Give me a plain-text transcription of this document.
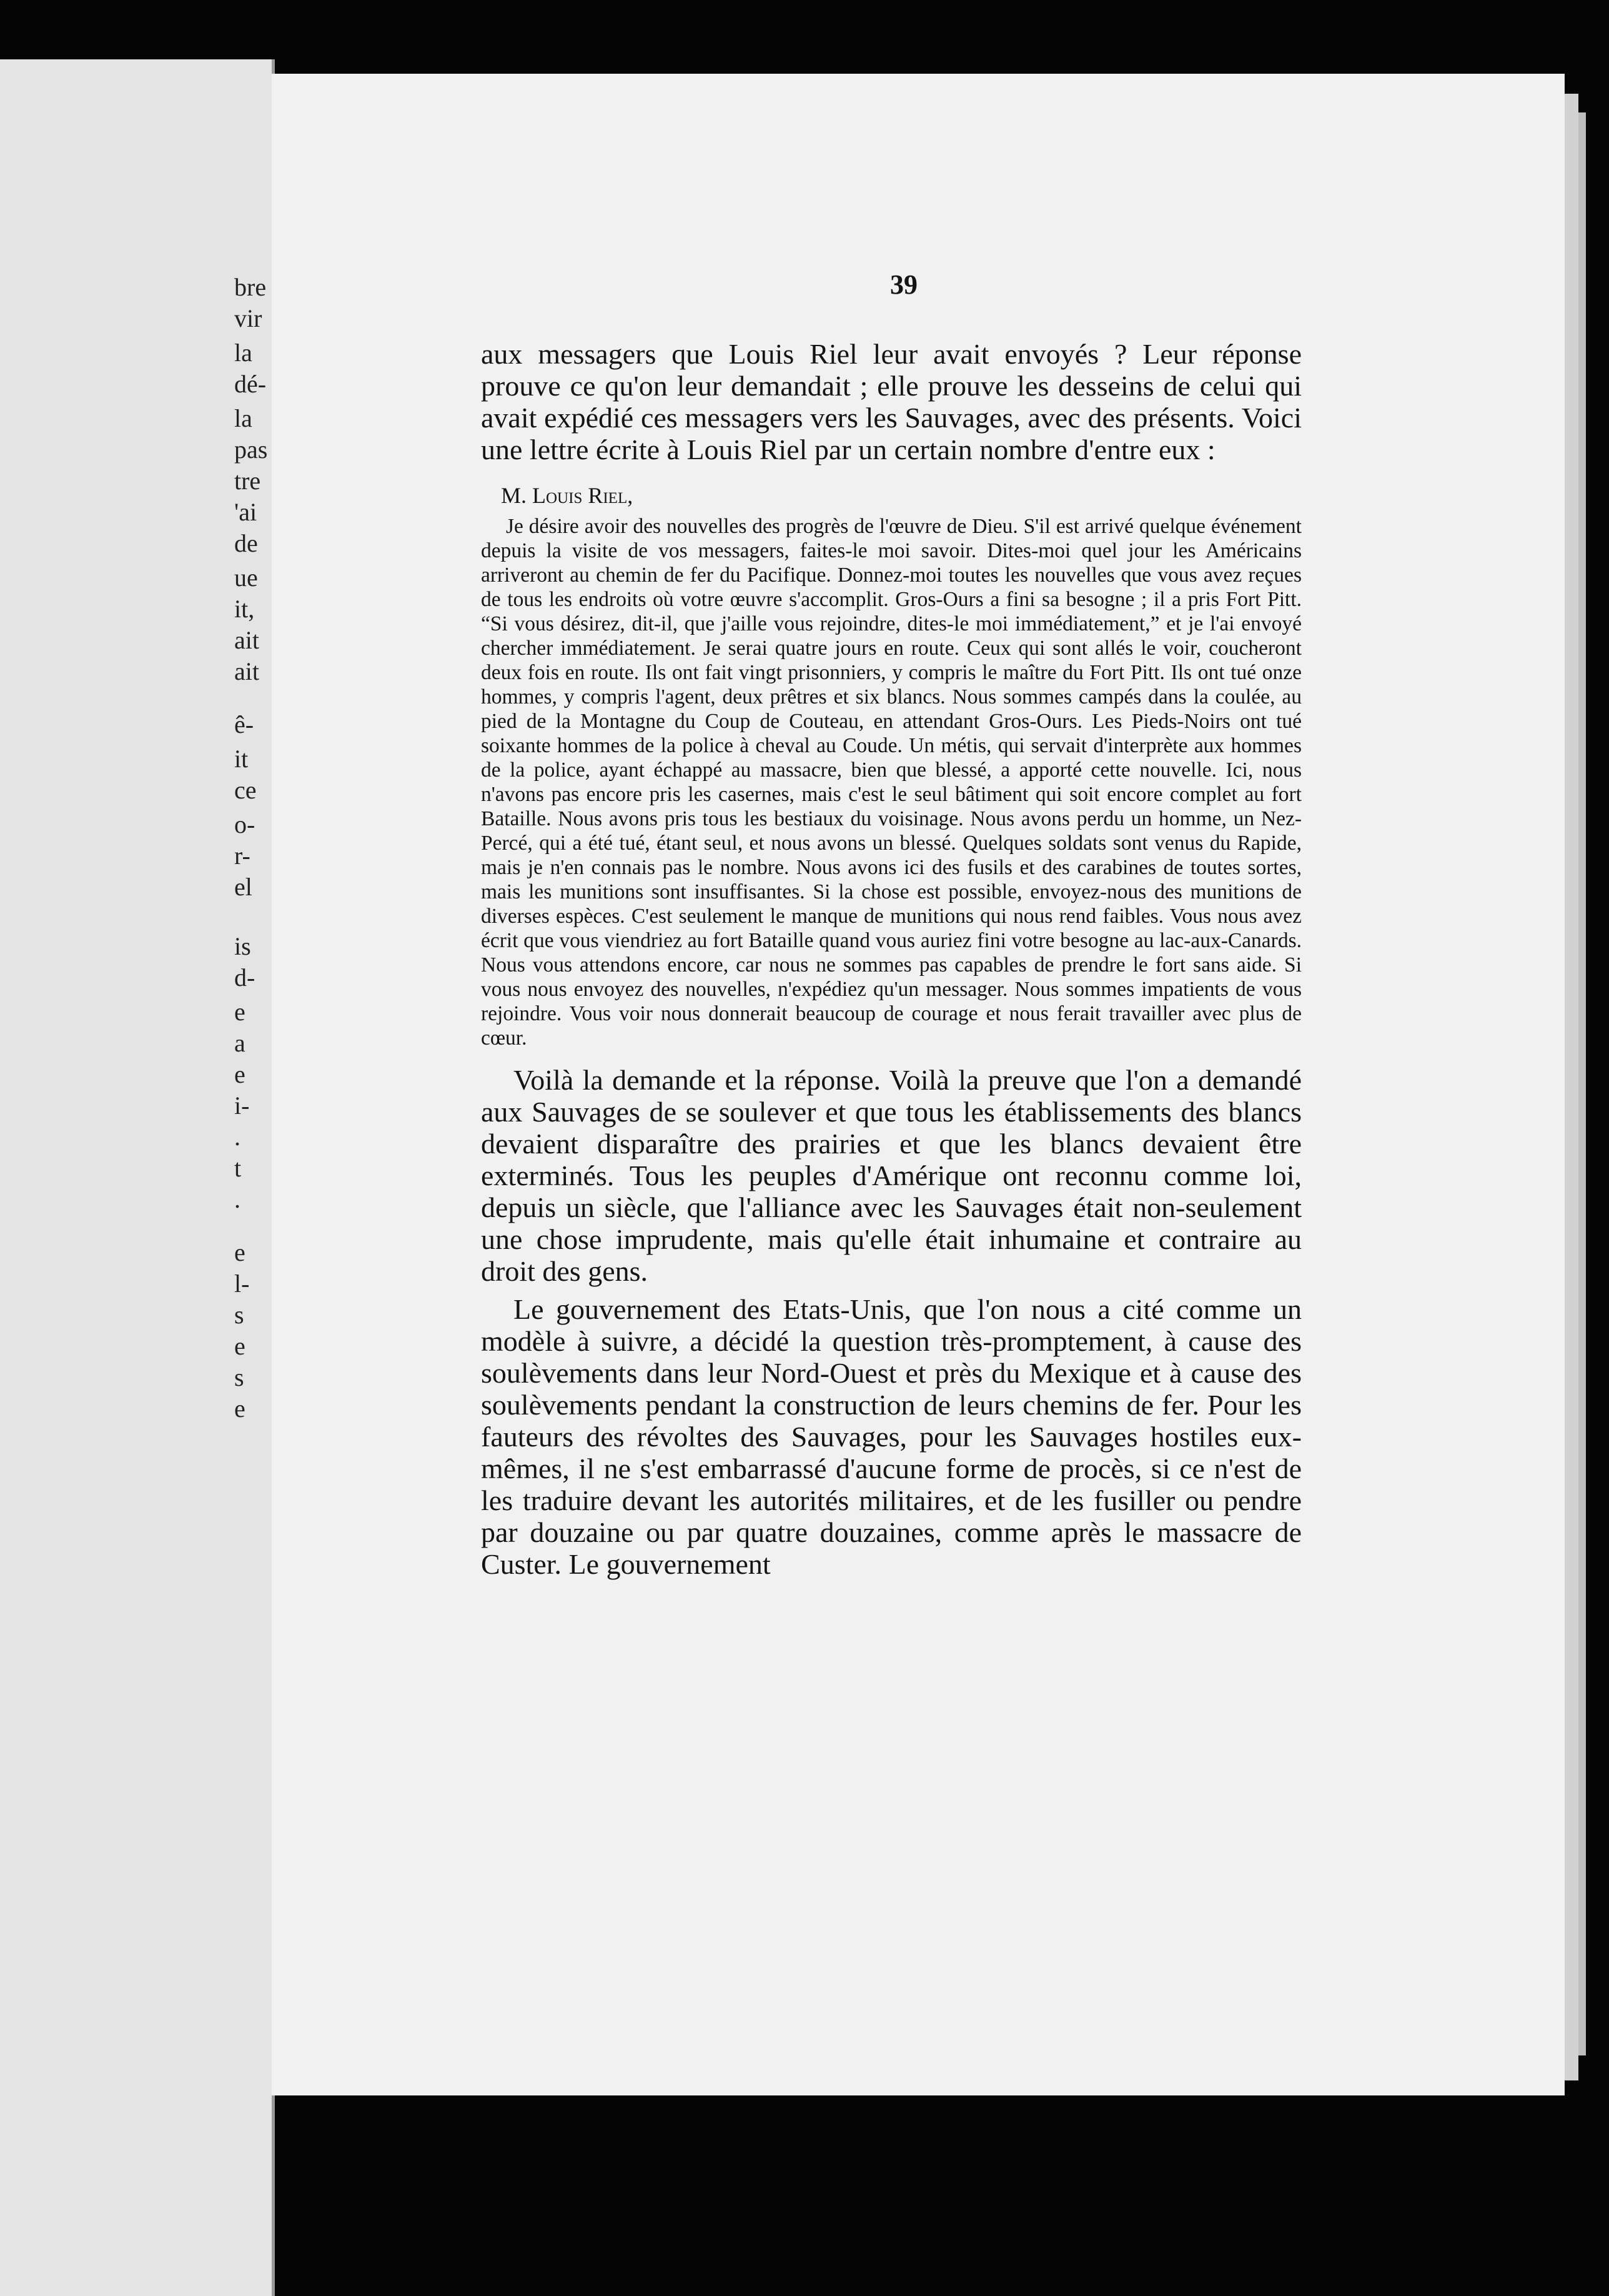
bre
vir
la
dé-
la
pas
tre
'ai
de
ue
it,
ait
ait
ê-
it
ce
o-
r-
el
is
d-
e
a
e
i-
.
t
.
e
l-
s
e
s
e
39

aux messagers que Louis Riel leur avait envoyés ? Leur réponse prouve ce qu'on leur demandait ; elle prouve les desseins de celui qui avait expédié ces messagers vers les Sauvages, avec des présents. Voici une lettre écrite à Louis Riel par un certain nombre d'entre eux :

M. Louis Riel,

Je désire avoir des nouvelles des progrès de l'œuvre de Dieu. S'il est arrivé quelque événement depuis la visite de vos messagers, faites-le moi savoir. Dites-moi quel jour les Américains arriveront au chemin de fer du Pacifique. Donnez-moi toutes les nouvelles que vous avez reçues de tous les endroits où votre œuvre s'accomplit. Gros-Ours a fini sa besogne ; il a pris Fort Pitt. “Si vous désirez, dit-il, que j'aille vous rejoindre, dites-le moi immédiatement,” et je l'ai envoyé chercher immédiatement. Je serai quatre jours en route. Ceux qui sont allés le voir, coucheront deux fois en route. Ils ont fait vingt prisonniers, y compris le maître du Fort Pitt. Ils ont tué onze hommes, y compris l'agent, deux prêtres et six blancs. Nous sommes campés dans la coulée, au pied de la Montagne du Coup de Couteau, en attendant Gros-Ours. Les Pieds-Noirs ont tué soixante hommes de la police à cheval au Coude. Un métis, qui servait d'interprète aux hommes de la police, ayant échappé au massacre, bien que blessé, a apporté cette nouvelle. Ici, nous n'avons pas encore pris les casernes, mais c'est le seul bâtiment qui soit encore complet au fort Bataille. Nous avons pris tous les bestiaux du voisinage. Nous avons perdu un homme, un Nez-Percé, qui a été tué, étant seul, et nous avons un blessé. Quelques soldats sont venus du Rapide, mais je n'en connais pas le nombre. Nous avons ici des fusils et des carabines de toutes sortes, mais les munitions sont insuffisantes. Si la chose est possible, envoyez-nous des munitions de diverses espèces. C'est seulement le manque de munitions qui nous rend faibles. Vous nous avez écrit que vous viendriez au fort Bataille quand vous auriez fini votre besogne au lac-aux-Canards. Nous vous attendons encore, car nous ne sommes pas capables de prendre le fort sans aide. Si vous nous envoyez des nouvelles, n'expédiez qu'un messager. Nous sommes impatients de vous rejoindre. Vous voir nous donnerait beaucoup de courage et nous ferait travailler avec plus de cœur.

Voilà la demande et la réponse. Voilà la preuve que l'on a demandé aux Sauvages de se soulever et que tous les établissements des blancs devaient disparaître des prairies et que les blancs devaient être exterminés. Tous les peuples d'Amérique ont reconnu comme loi, depuis un siècle, que l'alliance avec les Sauvages était non-seulement une chose imprudente, mais qu'elle était inhumaine et contraire au droit des gens.

Le gouvernement des Etats-Unis, que l'on nous a cité comme un modèle à suivre, a décidé la question très-promptement, à cause des soulèvements dans leur Nord-Ouest et près du Mexique et à cause des soulèvements pendant la construction de leurs chemins de fer. Pour les fauteurs des révoltes des Sauvages, pour les Sauvages hostiles eux-mêmes, il ne s'est embarrassé d'aucune forme de procès, si ce n'est de les traduire devant les autorités militaires, et de les fusiller ou pendre par douzaine ou par quatre douzaines, comme après le massacre de Custer. Le gouvernement
